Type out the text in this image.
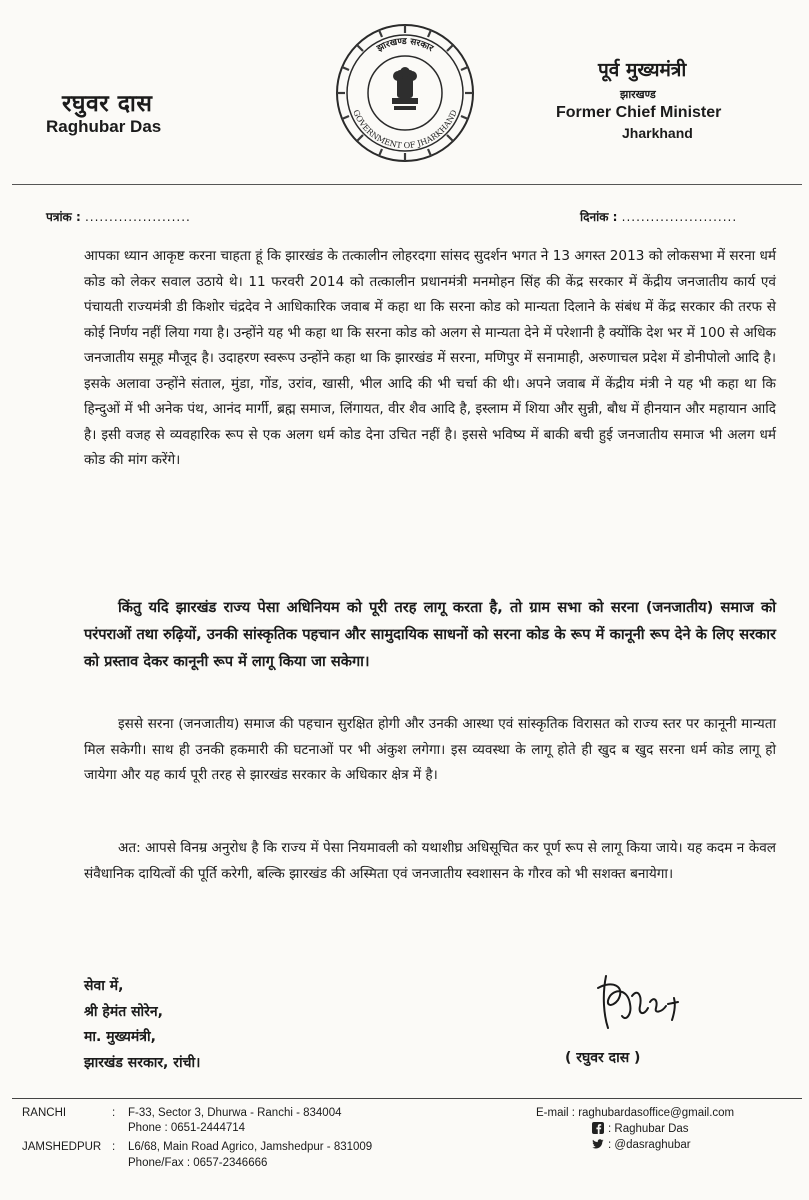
रघुवर दास
Raghubar Das
झारखण्ड सरकार
GOVERNMENT OF JHARKHAND
पूर्व मुख्यमंत्री
झारखण्ड
Former Chief Minister
Jharkhand
पत्रांक : ......................	दिनांक : ........................
आपका ध्यान आकृष्ट करना चाहता हूं कि झारखंड के तत्कालीन लोहरदगा सांसद सुदर्शन भगत ने 13 अगस्त 2013 को लोकसभा में सरना धर्म कोड को लेकर सवाल उठाये थे। 11 फरवरी 2014 को तत्कालीन प्रधानमंत्री मनमोहन सिंह की केंद्र सरकार में केंद्रीय जनजातीय कार्य एवं पंचायती राज्यमंत्री डी किशोर चंद्रदेव ने आधिकारिक जवाब में कहा था कि सरना कोड को मान्यता दिलाने के संबंध में केंद्र सरकार की तरफ से कोई निर्णय नहीं लिया गया है। उन्होंने यह भी कहा था कि सरना कोड को अलग से मान्यता देने में परेशानी है क्योंकि देश भर में 100 से अधिक जनजातीय समूह मौजूद है। उदाहरण स्वरूप उन्होंने कहा था कि झारखंड में सरना, मणिपुर में सनामाही, अरुणाचल प्रदेश में डोनीपोलो आदि है। इसके अलावा उन्होंने संताल, मुंडा, गोंड, उरांव, खासी, भील आदि की भी चर्चा की थी। अपने जवाब में केंद्रीय मंत्री ने यह भी कहा था कि हिन्दुओं में भी अनेक पंथ, आनंद मार्गी, ब्रह्म समाज, लिंगायत, वीर शैव आदि है, इस्लाम में शिया और सुन्नी, बौध में हीनयान और महायान आदि है। इसी वजह से व्यवहारिक रूप से एक अलग धर्म कोड देना उचित नहीं है। इससे भविष्य में बाकी बची हुई जनजातीय समाज भी अलग धर्म कोड की मांग करेंगे।
किंतु यदि झारखंड राज्य पेसा अधिनियम को पूरी तरह लागू करता है, तो ग्राम सभा को सरना (जनजातीय) समाज को परंपराओं तथा रुढ़ियों, उनकी सांस्कृतिक पहचान और सामुदायिक साधनों को सरना कोड के रूप में कानूनी रूप देने के लिए सरकार को प्रस्ताव देकर कानूनी रूप में लागू किया जा सकेगा।
इससे सरना (जनजातीय) समाज की पहचान सुरक्षित होगी और उनकी आस्था एवं सांस्कृतिक विरासत को राज्य स्तर पर कानूनी मान्यता मिल सकेगी। साथ ही उनकी हकमारी की घटनाओं पर भी अंकुश लगेगा। इस व्यवस्था के लागू होते ही खुद ब खुद सरना धर्म कोड लागू हो जायेगा और यह कार्य पूरी तरह से झारखंड सरकार के अधिकार क्षेत्र में है।
अत: आपसे विनम्र अनुरोध है कि राज्य में पेसा नियमावली को यथाशीघ्र अधिसूचित कर पूर्ण रूप से लागू किया जाये। यह कदम न केवल संवैधानिक दायित्वों की पूर्ति करेगी, बल्कि झारखंड की अस्मिता एवं जनजातीय स्वशासन के गौरव को भी सशक्त बनायेगा।
सेवा में,
श्री हेमंत सोरेन,
मा. मुख्यमंत्री,
झारखंड सरकार, रांची।	( रघुवर दास )
RANCHI	: F-33, Sector 3, Dhurwa - Ranchi - 834004
Phone : 0651-2444714
JAMSHEDPUR : L6/68, Main Road Agrico, Jamshedpur - 831009
Phone/Fax : 0657-2346666
E-mail : raghubardasoffice@gmail.com
: Raghubar Das
: @dasraghubar
